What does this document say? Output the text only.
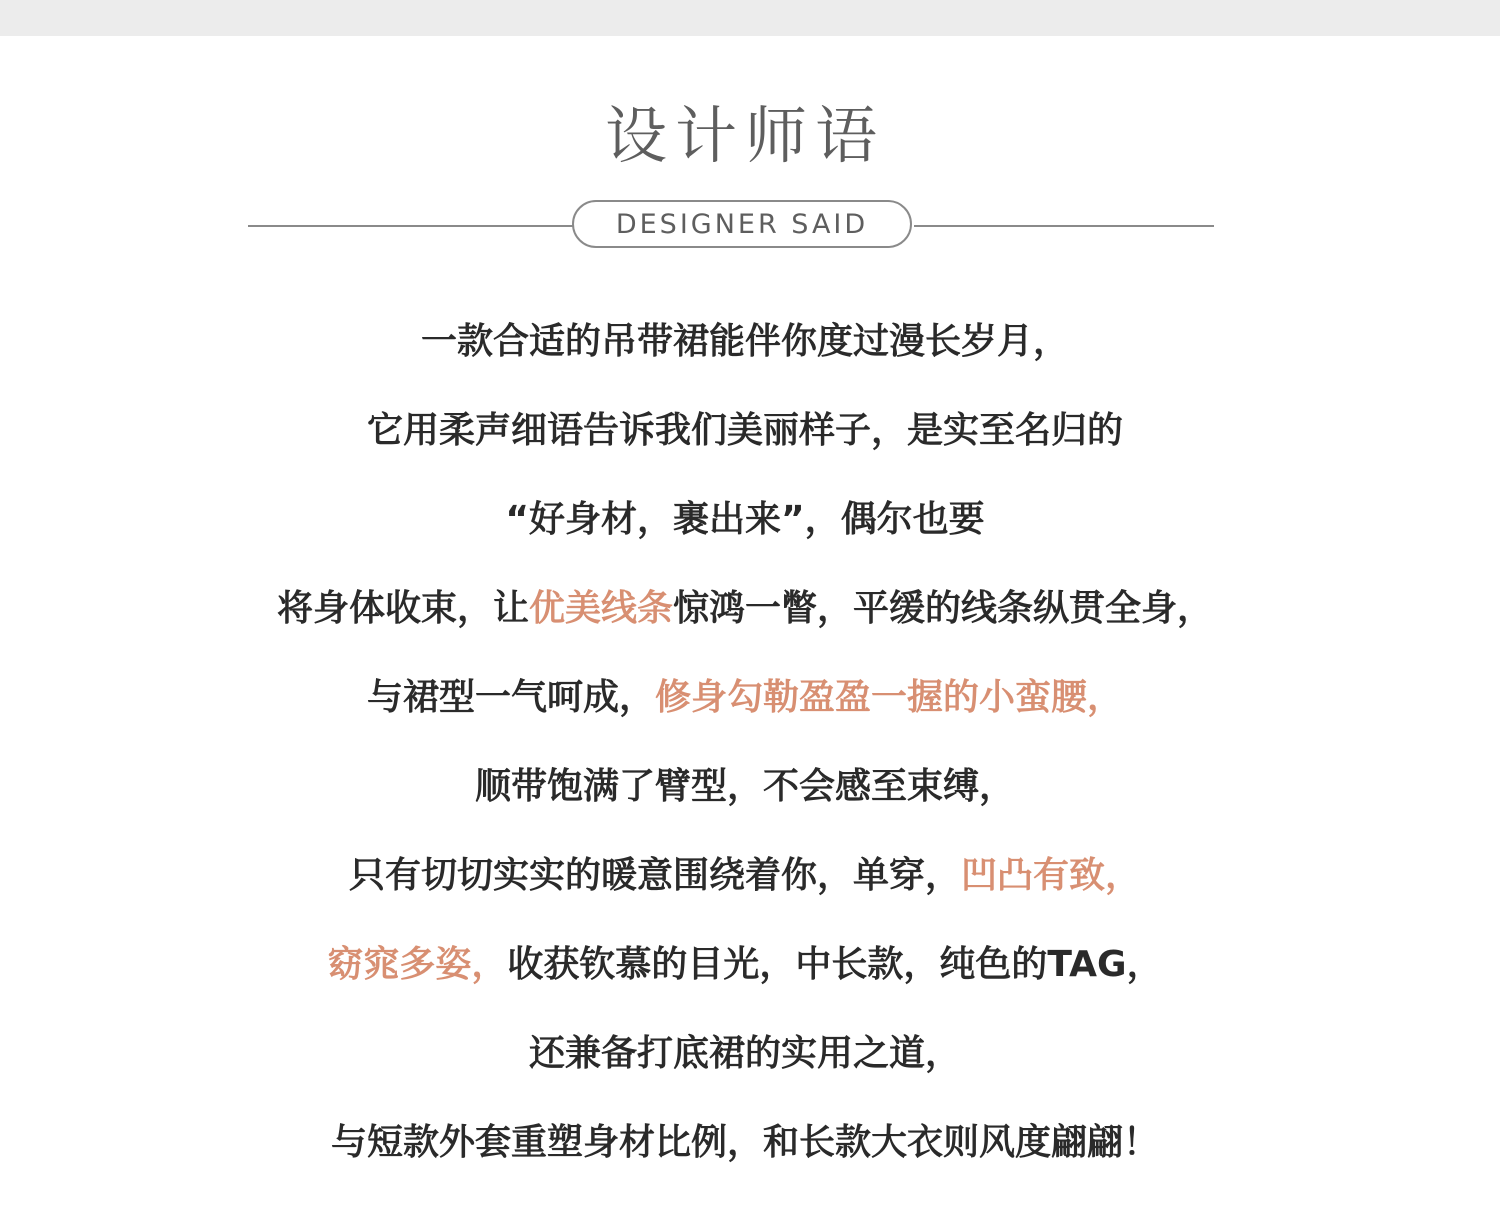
设计师语
DESIGNER SAID
一款合适的吊带裙能伴你度过漫长岁月，
它用柔声细语告诉我们美丽样子，是实至名归的
“好身材，裹出来”，偶尔也要
将身体收束，让优美线条惊鸿一瞥，平缓的线条纵贯全身，
与裙型一气呵成，修身勾勒盈盈一握的小蛮腰，
顺带饱满了臂型，不会感至束缚，
只有切切实实的暖意围绕着你，单穿，凹凸有致，
窈窕多姿，收获钦慕的目光，中长款，纯色的TAG，
还兼备打底裙的实用之道，
与短款外套重塑身材比例，和长款大衣则风度翩翩！
